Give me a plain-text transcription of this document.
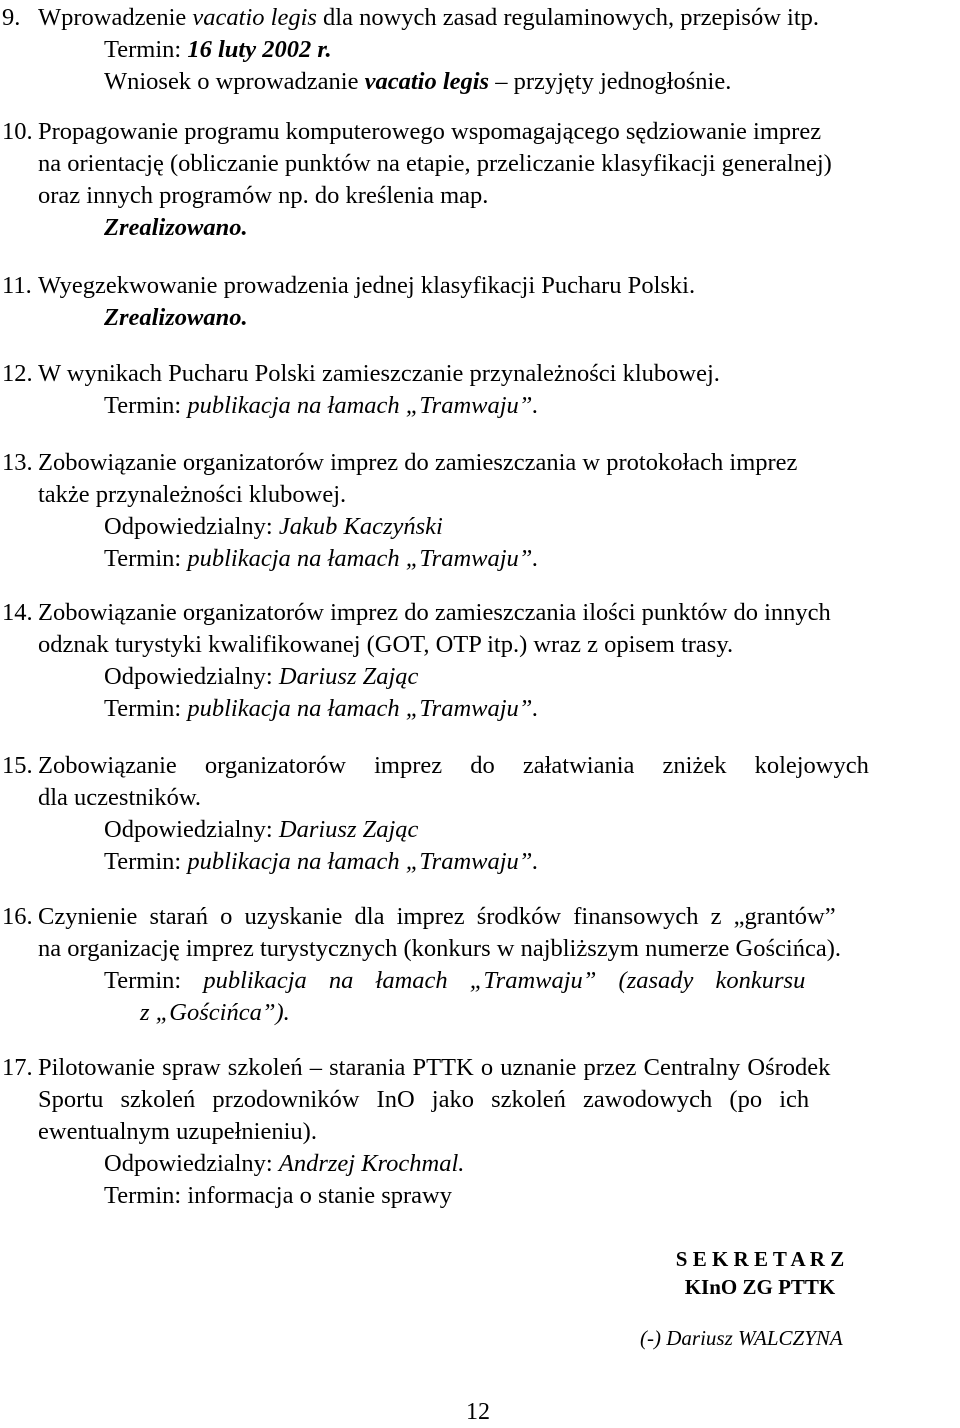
9. Wprowadzenie vacatio legis dla nowych zasad regulaminowych, przepisów itp.
Termin: 16 luty 2002 r.
Wniosek o wprowadzanie vacatio legis – przyjęty jednogłośnie.
10. Propagowanie programu komputerowego wspomagającego sędziowanie imprez
na orientację (obliczanie punktów na etapie, przeliczanie klasyfikacji generalnej)
oraz innych programów np. do kreślenia map.
Zrealizowano.
11. Wyegzekwowanie prowadzenia jednej klasyfikacji Pucharu Polski.
Zrealizowano.
12. W wynikach Pucharu Polski zamieszczanie przynależności klubowej.
Termin: publikacja na łamach „Tramwaju”.
13. Zobowiązanie organizatorów imprez do zamieszczania w protokołach imprez
także przynależności klubowej.
Odpowiedzialny: Jakub Kaczyński
Termin: publikacja na łamach „Tramwaju”.
14. Zobowiązanie organizatorów imprez do zamieszczania ilości punktów do innych
odznak turystyki kwalifikowanej (GOT, OTP itp.) wraz z opisem trasy.
Odpowiedzialny: Dariusz Zając
Termin: publikacja na łamach „Tramwaju”.
15. Zobowiązanie organizatorów imprez do załatwiania zniżek kolejowych
dla uczestników.
Odpowiedzialny: Dariusz Zając
Termin: publikacja na łamach „Tramwaju”.
16. Czynienie starań o uzyskanie dla imprez środków finansowych z „grantów”
na organizację imprez turystycznych (konkurs w najbliższym numerze Gościńca).
Termin: publikacja na łamach „Tramwaju” (zasady konkursu
z „Gościńca”).
17. Pilotowanie spraw szkoleń – starania PTTK o uznanie przez Centralny Ośrodek
Sportu szkoleń przodowników InO jako szkoleń zawodowych (po ich
ewentualnym uzupełnieniu).
Odpowiedzialny: Andrzej Krochmal.
Termin: informacja o stanie sprawy
S E K R E T A R Z
KInO ZG PTTK
(-) Dariusz WALCZYNA
12
